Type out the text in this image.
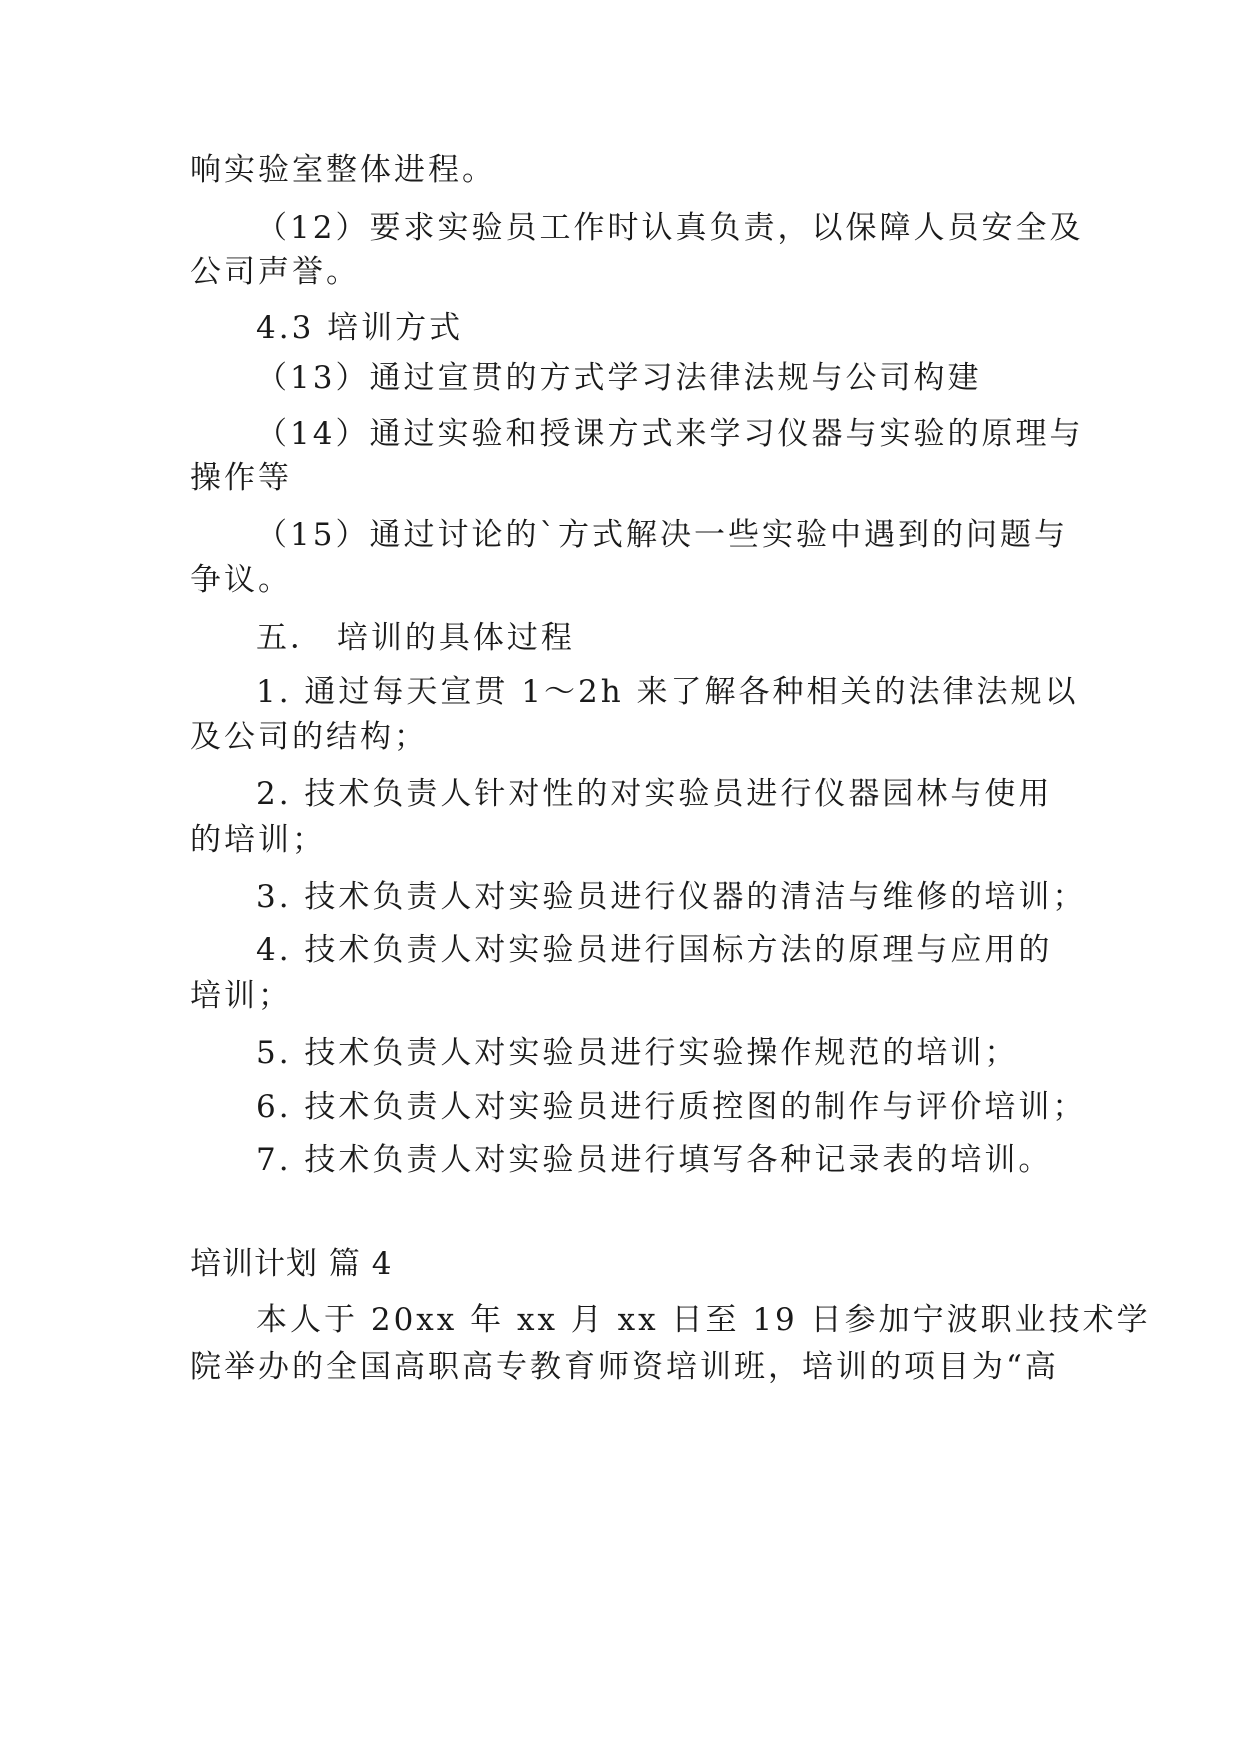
响实验室整体进程。
（12）要求实验员工作时认真负责，以保障人员安全及
公司声誉。
4.3 培训方式
（13）通过宣贯的方式学习法律法规与公司构建
（14）通过实验和授课方式来学习仪器与实验的原理与
操作等
（15）通过讨论的`方式解决一些实验中遇到的问题与
争议。
五． 培训的具体过程
1. 通过每天宣贯 1～2h 来了解各种相关的法律法规以
及公司的结构；
2. 技术负责人针对性的对实验员进行仪器园林与使用
的培训；
3. 技术负责人对实验员进行仪器的清洁与维修的培训；
4. 技术负责人对实验员进行国标方法的原理与应用的
培训；
5. 技术负责人对实验员进行实验操作规范的培训；
6. 技术负责人对实验员进行质控图的制作与评价培训；
7. 技术负责人对实验员进行填写各种记录表的培训。
培训计划 篇 4
本人于 20xx 年 xx 月 xx 日至 19 日参加宁波职业技术学
院举办的全国高职高专教育师资培训班，培训的项目为“高
